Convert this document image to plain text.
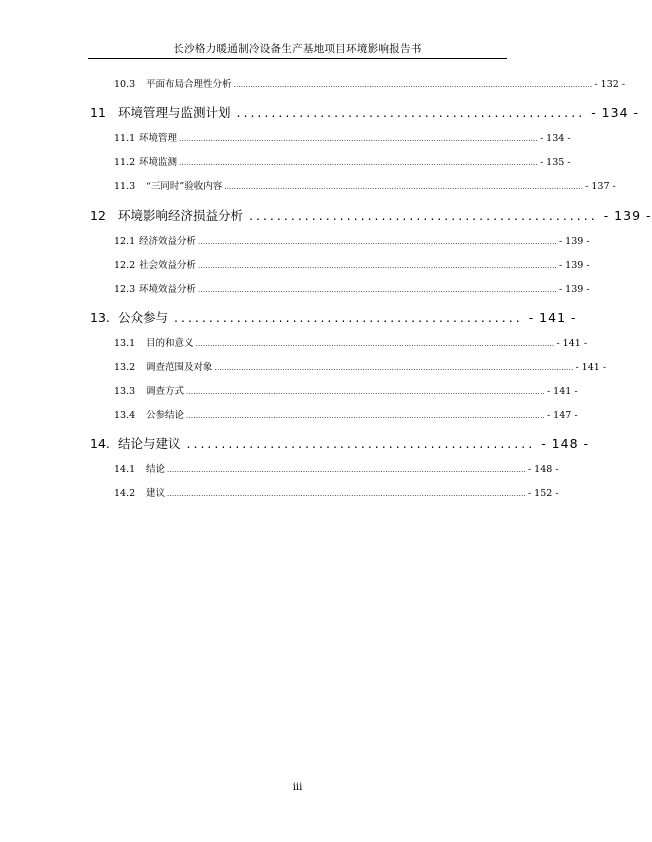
长沙格力暖通制冷设备生产基地项目环境影响报告书
10.3	平面布局合理性分析 .................................................................................................................................................... - 132 -
11 环境管理与监测计划 .................................................. - 134 -
11.1 环境管理 .................................................................................................................................................... - 134 -
11.2 环境监测 .................................................................................................................................................... - 135 -
11.3	“三同时”验收内容 .................................................................................................................................................... - 137 -
12 环境影响经济损益分析 .................................................. - 139 -
12.1 经济效益分析 .................................................................................................................................................... - 139 -
12.2 社会效益分析 .................................................................................................................................................... - 139 -
12.3 环境效益分析 .................................................................................................................................................... - 139 -
13. 公众参与 .................................................. - 141 -
13.1	目的和意义 .................................................................................................................................................... - 141 -
13.2	调查范围及对象 .................................................................................................................................................... - 141 -
13.3	调查方式 .................................................................................................................................................... - 141 -
13.4	公参结论 .................................................................................................................................................... - 147 -
14. 结论与建议 .................................................. - 148 -
14.1	结论 .................................................................................................................................................... - 148 -
14.2	建议 .................................................................................................................................................... - 152 -
iii
